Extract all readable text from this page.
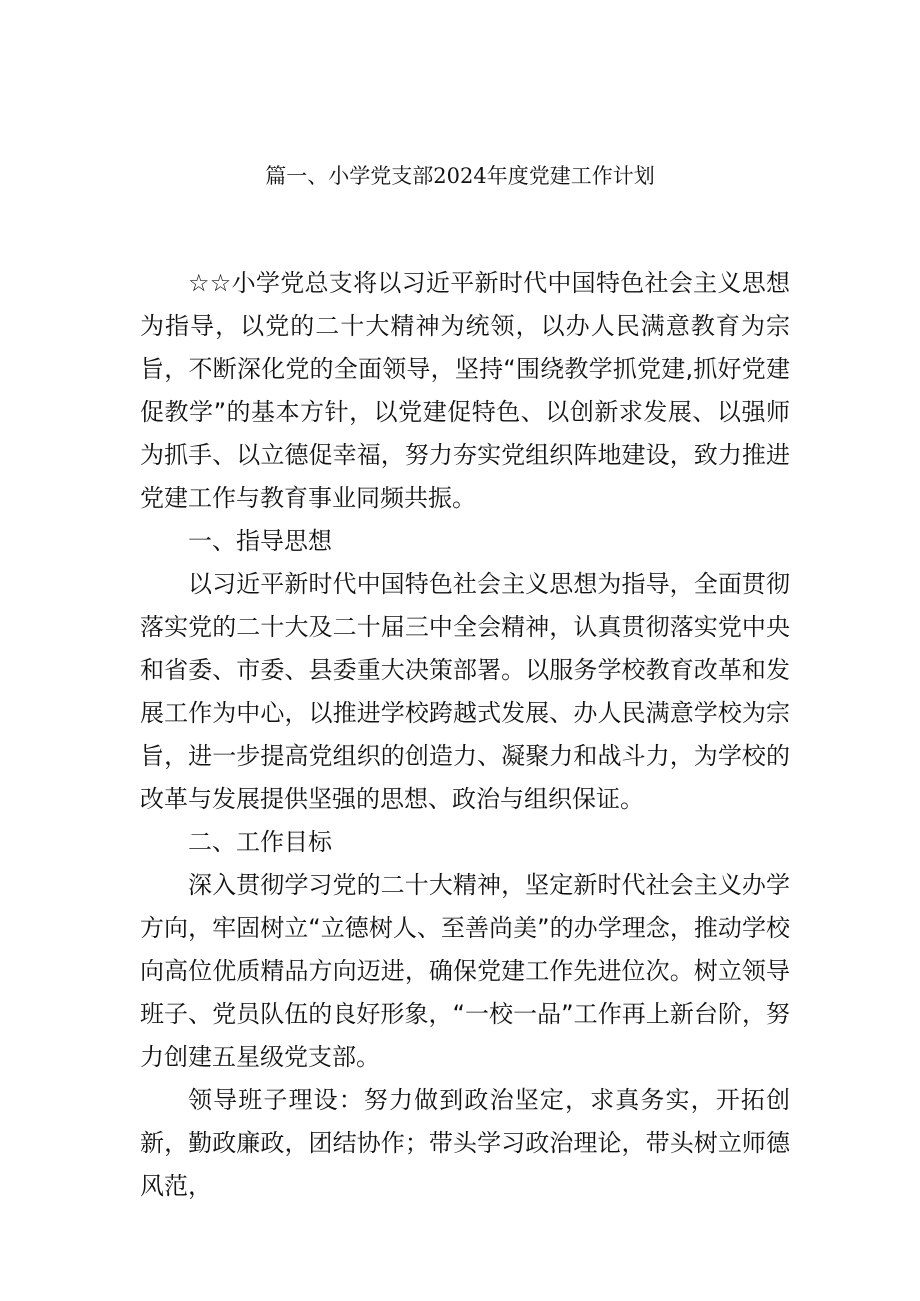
篇一、小学党支部2024年度党建工作计划

☆☆小学党总支将以习近平新时代中国特色社会主义思想为指导，以党的二十大精神为统领，以办人民满意教育为宗旨，不断深化党的全面领导，坚持“围绕教学抓党建,抓好党建促教学”的基本方针，以党建促特色、以创新求发展、以强师为抓手、以立德促幸福，努力夯实党组织阵地建设，致力推进党建工作与教育事业同频共振。

一、指导思想

以习近平新时代中国特色社会主义思想为指导，全面贯彻落实党的二十大及二十届三中全会精神，认真贯彻落实党中央和省委、市委、县委重大决策部署。以服务学校教育改革和发展工作为中心，以推进学校跨越式发展、办人民满意学校为宗旨，进一步提高党组织的创造力、凝聚力和战斗力，为学校的改革与发展提供坚强的思想、政治与组织保证。

二、工作目标

深入贯彻学习党的二十大精神，坚定新时代社会主义办学方向，牢固树立“立德树人、至善尚美”的办学理念，推动学校向高位优质精品方向迈进，确保党建工作先进位次。树立领导班子、党员队伍的良好形象，“一校一品”工作再上新台阶，努力创建五星级党支部。

领导班子理设：努力做到政治坚定，求真务实，开拓创新，勤政廉政，团结协作；带头学习政治理论，带头树立师德风范，
